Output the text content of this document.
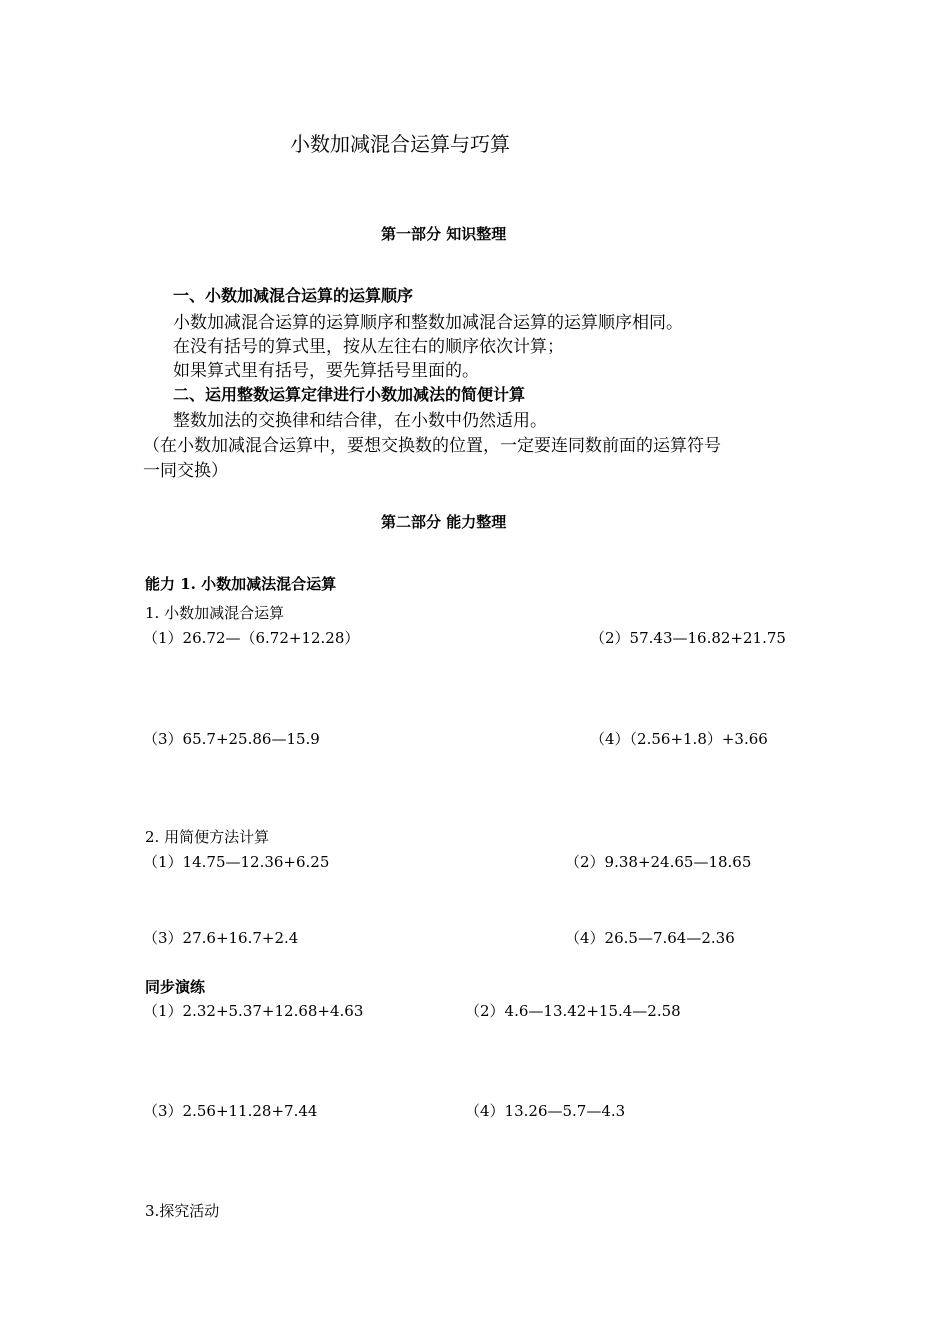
小数加减混合运算与巧算
第一部分 知识整理
一、小数加减混合运算的运算顺序
小数加减混合运算的运算顺序和整数加减混合运算的运算顺序相同。
在没有括号的算式里，按从左往右的顺序依次计算；
如果算式里有括号，要先算括号里面的。
二、运用整数运算定律进行小数加减法的简便计算
整数加法的交换律和结合律，在小数中仍然适用。
（在小数加减混合运算中，要想交换数的位置，一定要连同数前面的运算符号
一同交换）
第二部分 能力整理
能力 1. 小数加减法混合运算
1. 小数加减混合运算
（1）26.72—（6.72+12.28）	（2）57.43—16.82+21.75
（3）65.7+25.86—15.9	（4）（2.56+1.8）+3.66
2. 用简便方法计算
（1）14.75—12.36+6.25	（2）9.38+24.65—18.65
（3）27.6+16.7+2.4	（4）26.5—7.64—2.36
同步演练
（1）2.32+5.37+12.68+4.63	（2）4.6—13.42+15.4—2.58
（3）2.56+11.28+7.44	（4）13.26—5.7—4.3
3.探究活动
